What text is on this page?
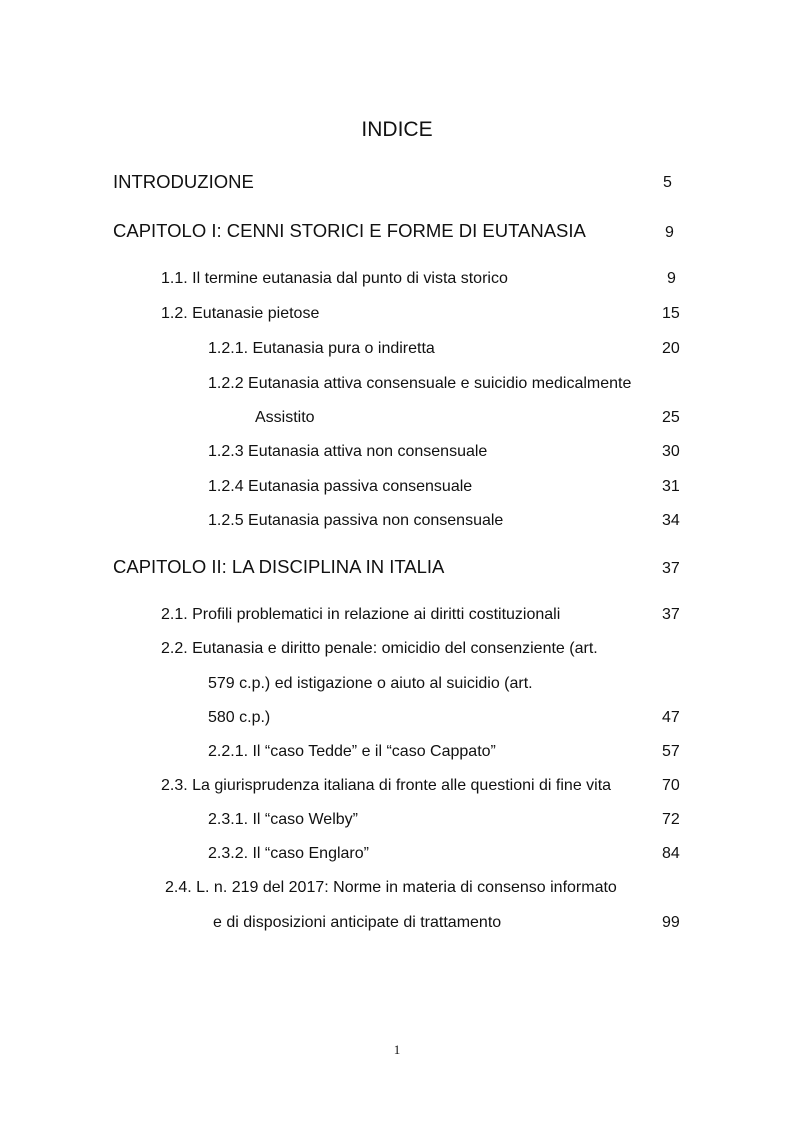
INDICE
INTRODUZIONE	5
CAPITOLO I: CENNI STORICI E FORME DI EUTANASIA	9
1.1. Il termine eutanasia dal punto di vista storico	9
1.2. Eutanasie pietose	15
1.2.1. Eutanasia pura o indiretta	20
1.2.2 Eutanasia attiva consensuale e suicidio medicalmente
Assistito	25
1.2.3 Eutanasia attiva non consensuale	30
1.2.4 Eutanasia passiva consensuale	31
1.2.5 Eutanasia passiva non consensuale	34
CAPITOLO II: LA DISCIPLINA IN ITALIA	37
2.1. Profili problematici in relazione ai diritti costituzionali	37
2.2. Eutanasia e diritto penale: omicidio del consenziente (art.
579 c.p.) ed istigazione o aiuto al suicidio (art.
580 c.p.)	47
2.2.1. Il “caso Tedde” e il “caso Cappato”	57
2.3. La giurisprudenza italiana di fronte alle questioni di fine vita	70
2.3.1. Il “caso Welby”	72
2.3.2. Il “caso Englaro”	84
2.4. L. n. 219 del 2017: Norme in materia di consenso informato
e di disposizioni anticipate di trattamento	99
1
